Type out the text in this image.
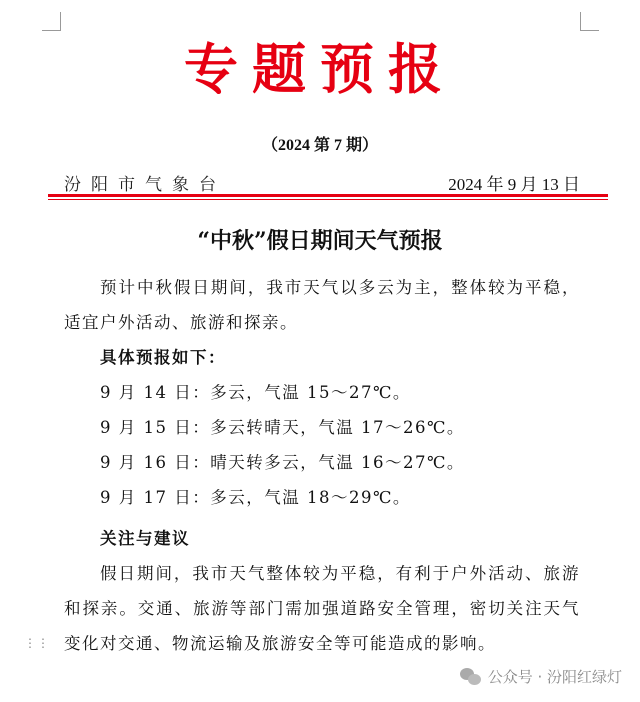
专题预报
（2024 第 7 期）
汾阳市气象台	2024 年 9 月 13 日
“中秋”假日期间天气预报

预计中秋假日期间，我市天气以多云为主，整体较为平稳，适宜户外活动、旅游和探亲。

具体预报如下：

9 月 14 日：多云，气温 15～27℃。

9 月 15 日：多云转晴天，气温 17～26℃。

9 月 16 日：晴天转多云，气温 16～27℃。

9 月 17 日：多云，气温 18～29℃。

关注与建议

假日期间，我市天气整体较为平稳，有利于户外活动、旅游和探亲。交通、旅游等部门需加强道路安全管理，密切关注天气变化对交通、物流运输及旅游安全等可能造成的影响。

⋮⋮
公众号 · 汾阳红绿灯
